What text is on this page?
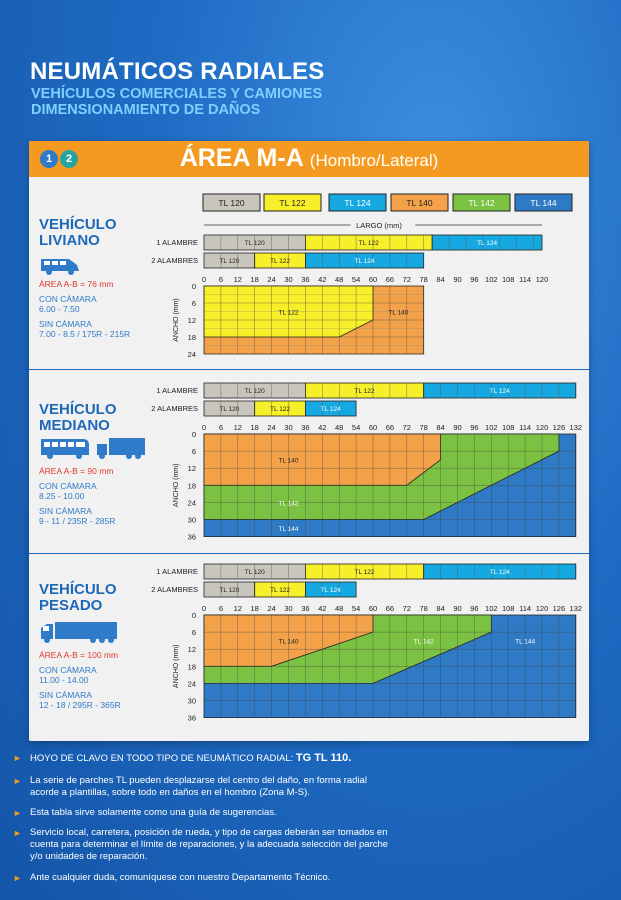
NEUMÁTICOS RADIALES
VEHÍCULOS COMERCIALES Y CAMIONES
DIMENSIONAMIENTO DE DAÑOS
1	2	ÁREA M-A (Hombro/Lateral)
VEHÍCULO
LIVIANO
ÁREA A-B = 76 mm
CON CÁMARA
6.00 - 7.50
SIN CÁMARA
7.00 - 8.5 / 175R - 215R
VEHÍCULO
MEDIANO
ÁREA A-B = 90 mm
CON CÁMARA
8.25 - 10.00
SIN CÁMARA
9 - 11 / 235R - 285R
VEHÍCULO
PESADO
ÁREA A-B = 100 mm
CON CÁMARA
11.00 - 14.00
SIN CÁMARA
12 - 18 / 295R - 365R
TL 120	TL 122	TL 124	TL 140	TL 142	TL 144
LARGO (mm)
1 ALAMBRE	TL 120	TL 122	TL 124
2 ALAMBRES	TL 120	TL 122	TL 124
0 6 12 18 24 30 36 42 48 54 60 66 72 78 84 90 96 102 108 114 120
0
6
12
18
24
ANCHO (mm)	TL 122	TL 140
1 ALAMBRE	TL 120	TL 122	TL 124
2 ALAMBRES	TL 120	TL 122	TL 124
0 6 12 18 24 30 36 42 48 54 60 66 72 78 84 90 96 102 108 114 120 126 132
0
6
12
18
24
30
36
ANCHO (mm)
TL 140
TL 142
TL 144
1 ALAMBRE	TL 120	TL 122	TL 124
2 ALAMBRES	TL 120	TL 122	TL 124
0 6 12 18 24 30 36 42 48 54 60 66 72 78 84 90 96 102 108 114 120 126 132
0
6
12
18
24
30
36
ANCHO (mm)
TL 140	TL 142	TL 144
► HOYO DE CLAVO EN TODO TIPO DE NEUMÁTICO RADIAL: TG TL 110.
► La serie de parches TL pueden desplazarse del centro del daño, en forma radial acorde a plantillas, sobre todo en daños en el hombro (Zona M-S).
► Esta tabla sirve solamente como una guía de sugerencias.
► Servicio local, carretera, posición de rueda, y tipo de cargas deberán ser tomados en cuenta para determinar el límite de reparaciones, y la adecuada selección del parche y/o unidades de reparación.
► Ante cualquier duda, comuníquese con nuestro Departamento Técnico.
